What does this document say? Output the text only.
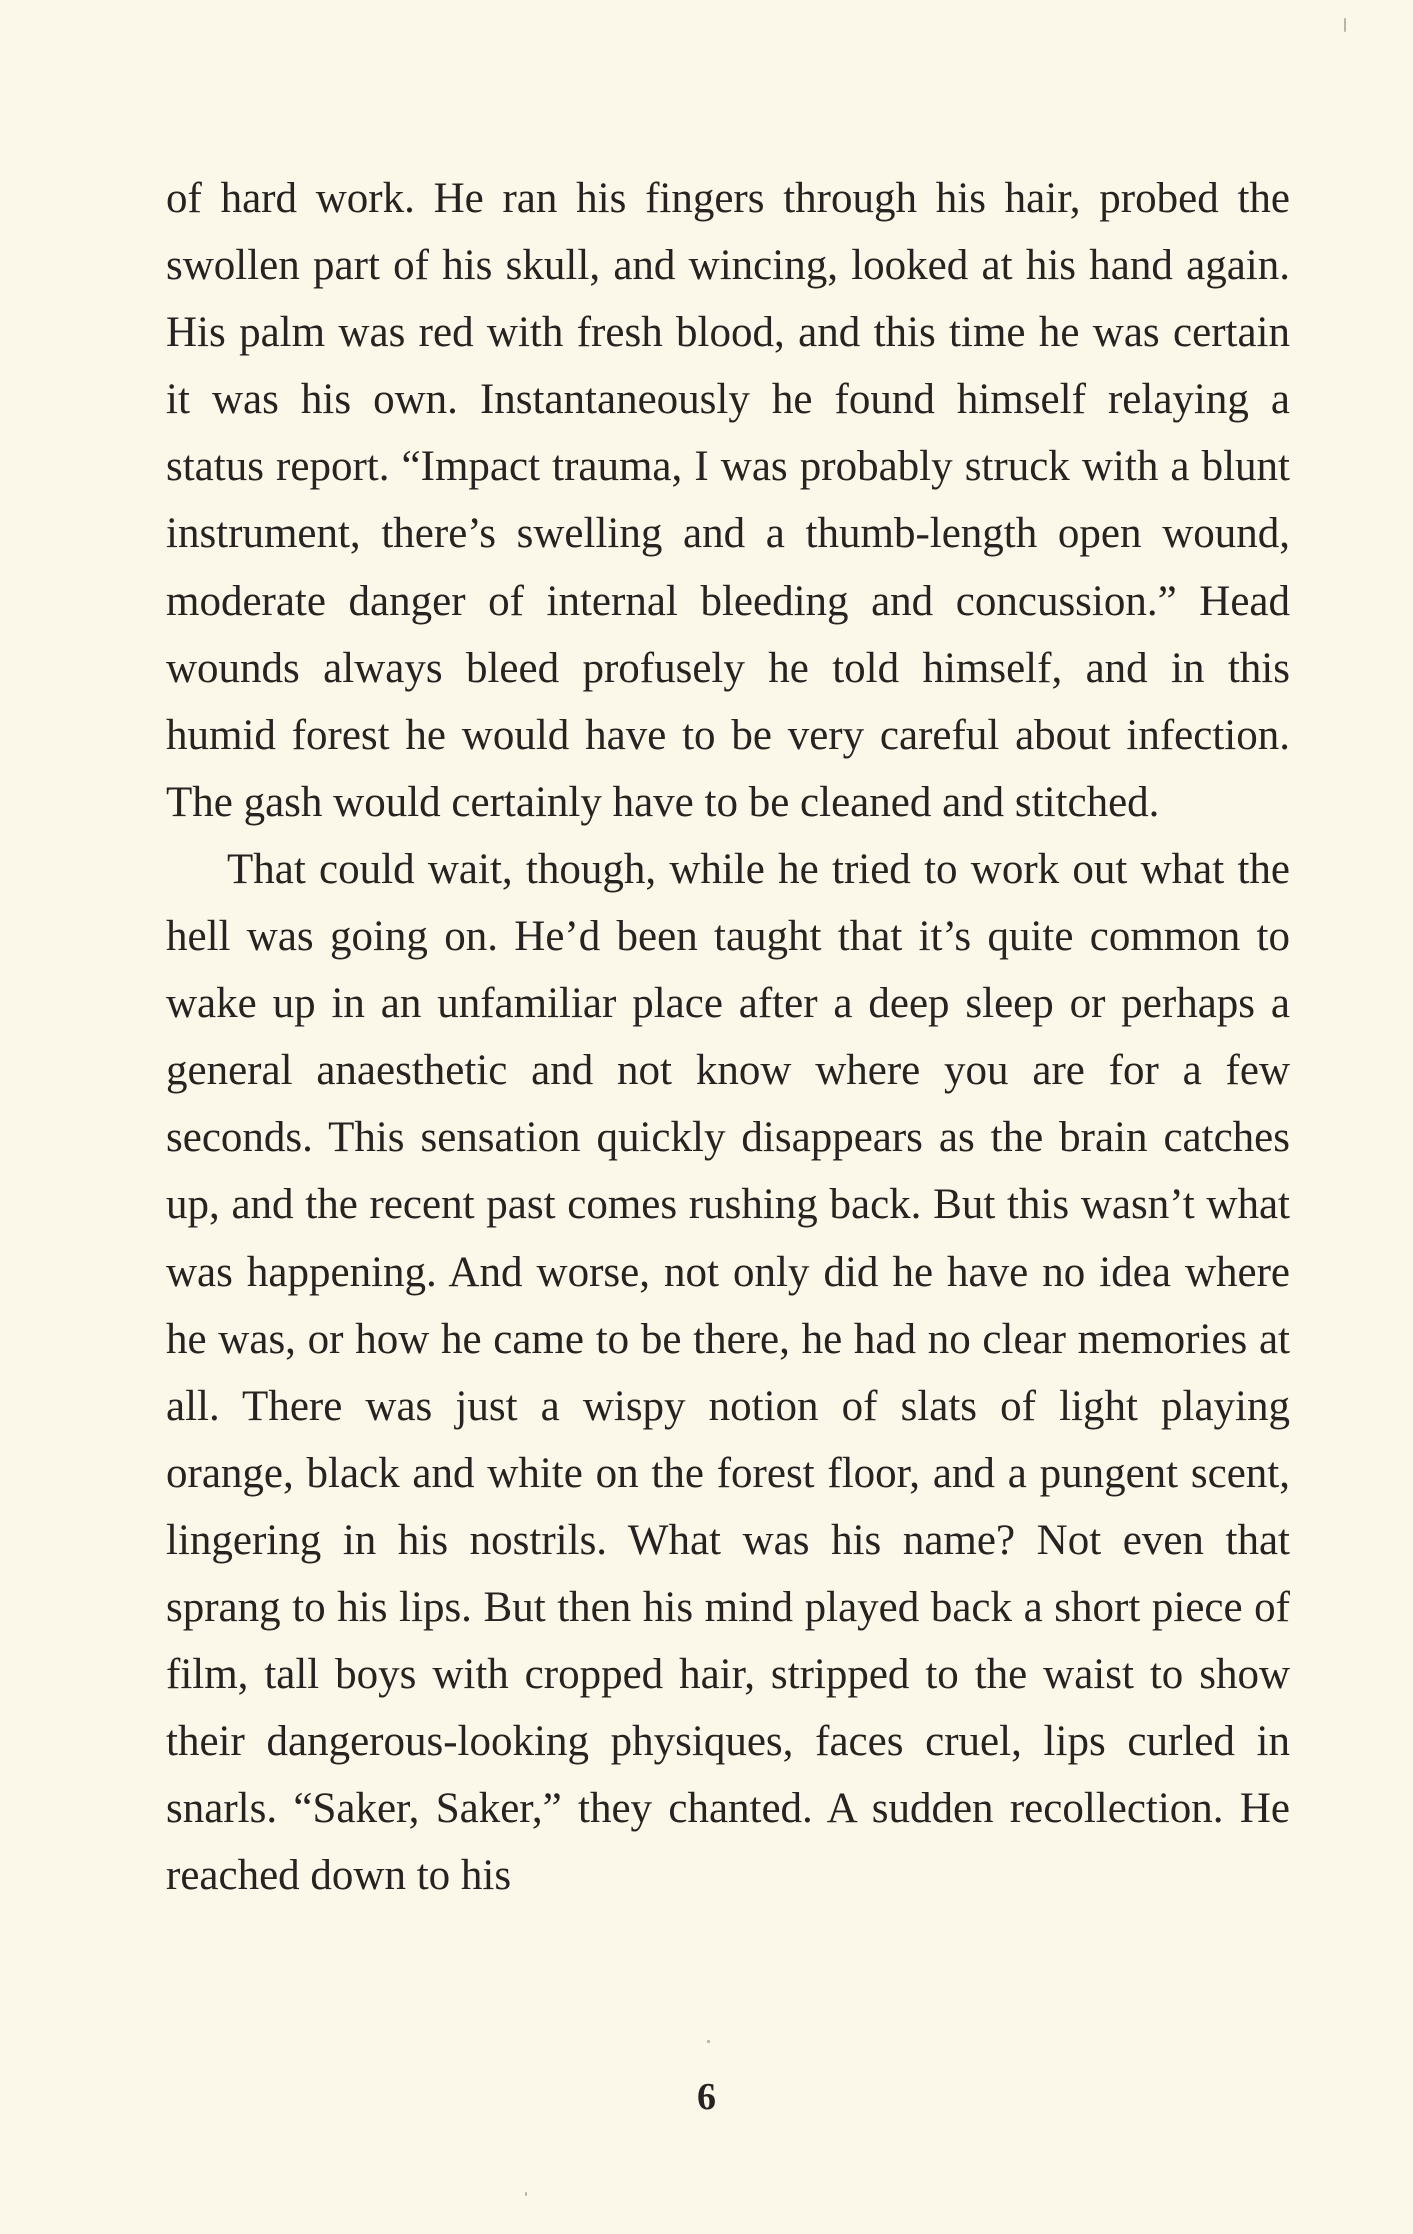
of hard work. He ran his fingers through his hair, probed the swollen part of his skull, and wincing, looked at his hand again. His palm was red with fresh blood, and this time he was certain it was his own. Instantaneously he found himself relaying a status report. “Impact trauma, I was probably struck with a blunt instrument, there’s swelling and a thumb-length open wound, moderate danger of internal bleeding and concussion.” Head wounds always bleed profusely he told himself, and in this humid forest he would have to be very careful about infection. The gash would certainly have to be cleaned and stitched.

That could wait, though, while he tried to work out what the hell was going on. He’d been taught that it’s quite common to wake up in an unfamiliar place after a deep sleep or perhaps a general anaesthetic and not know where you are for a few seconds. This sensation quickly disappears as the brain catches up, and the recent past comes rushing back. But this wasn’t what was happening. And worse, not only did he have no idea where he was, or how he came to be there, he had no clear memories at all. There was just a wispy notion of slats of light playing orange, black and white on the forest floor, and a pungent scent, lingering in his nostrils. What was his name? Not even that sprang to his lips. But then his mind played back a short piece of film, tall boys with cropped hair, stripped to the waist to show their dangerous-looking physiques, faces cruel, lips curled in snarls. “Saker, Saker,” they chanted. A sudden recollection. He reached down to his

6
